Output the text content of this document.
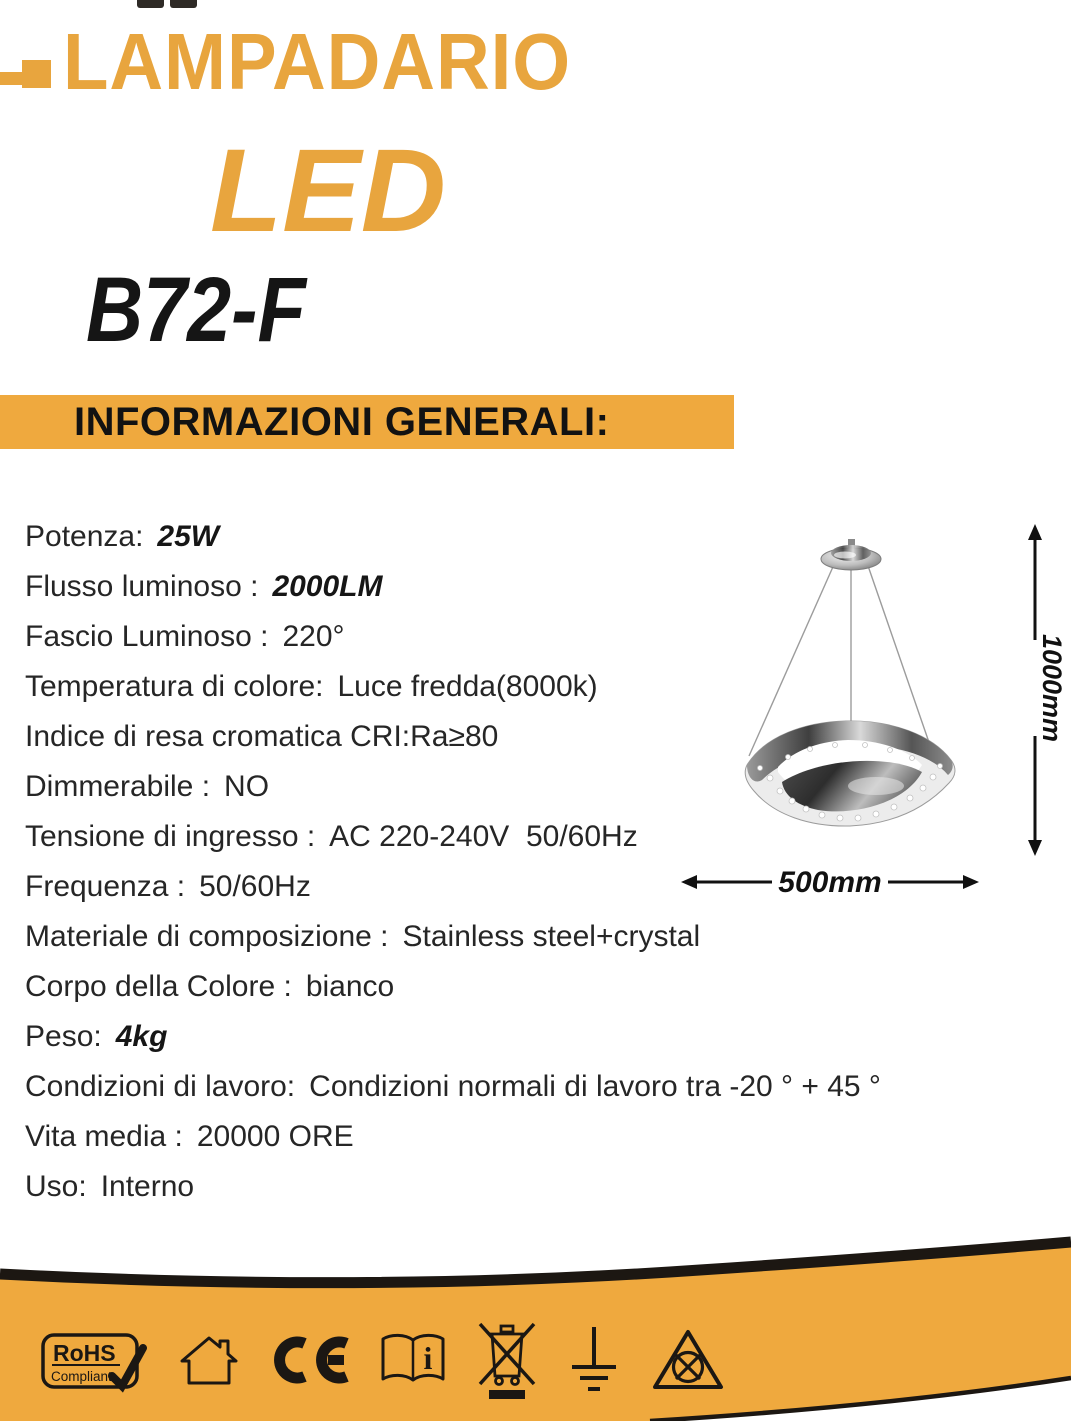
LAMPADARIO
LED
B72-F
INFORMAZIONI GENERALI:
Potenza: 25W
Flusso luminoso : 2000LM
Fascio Luminoso : 220°
Temperatura di colore: Luce fredda(8000k)
Indice di resa cromatica CRI:Ra≥80
Dimmerabile : NO
Tensione di ingresso : AC 220-240V  50/60Hz
Frequenza : 50/60Hz
Materiale di composizione : Stainless steel+crystal
Corpo della Colore : bianco
Peso: 4kg
Condizioni di lavoro: Condizioni normali di lavoro tra -20 ° + 45 °
Vita media : 20000 ORE
Uso: Interno
1000mm
500mm
RoHS
Compliant
CE
i
